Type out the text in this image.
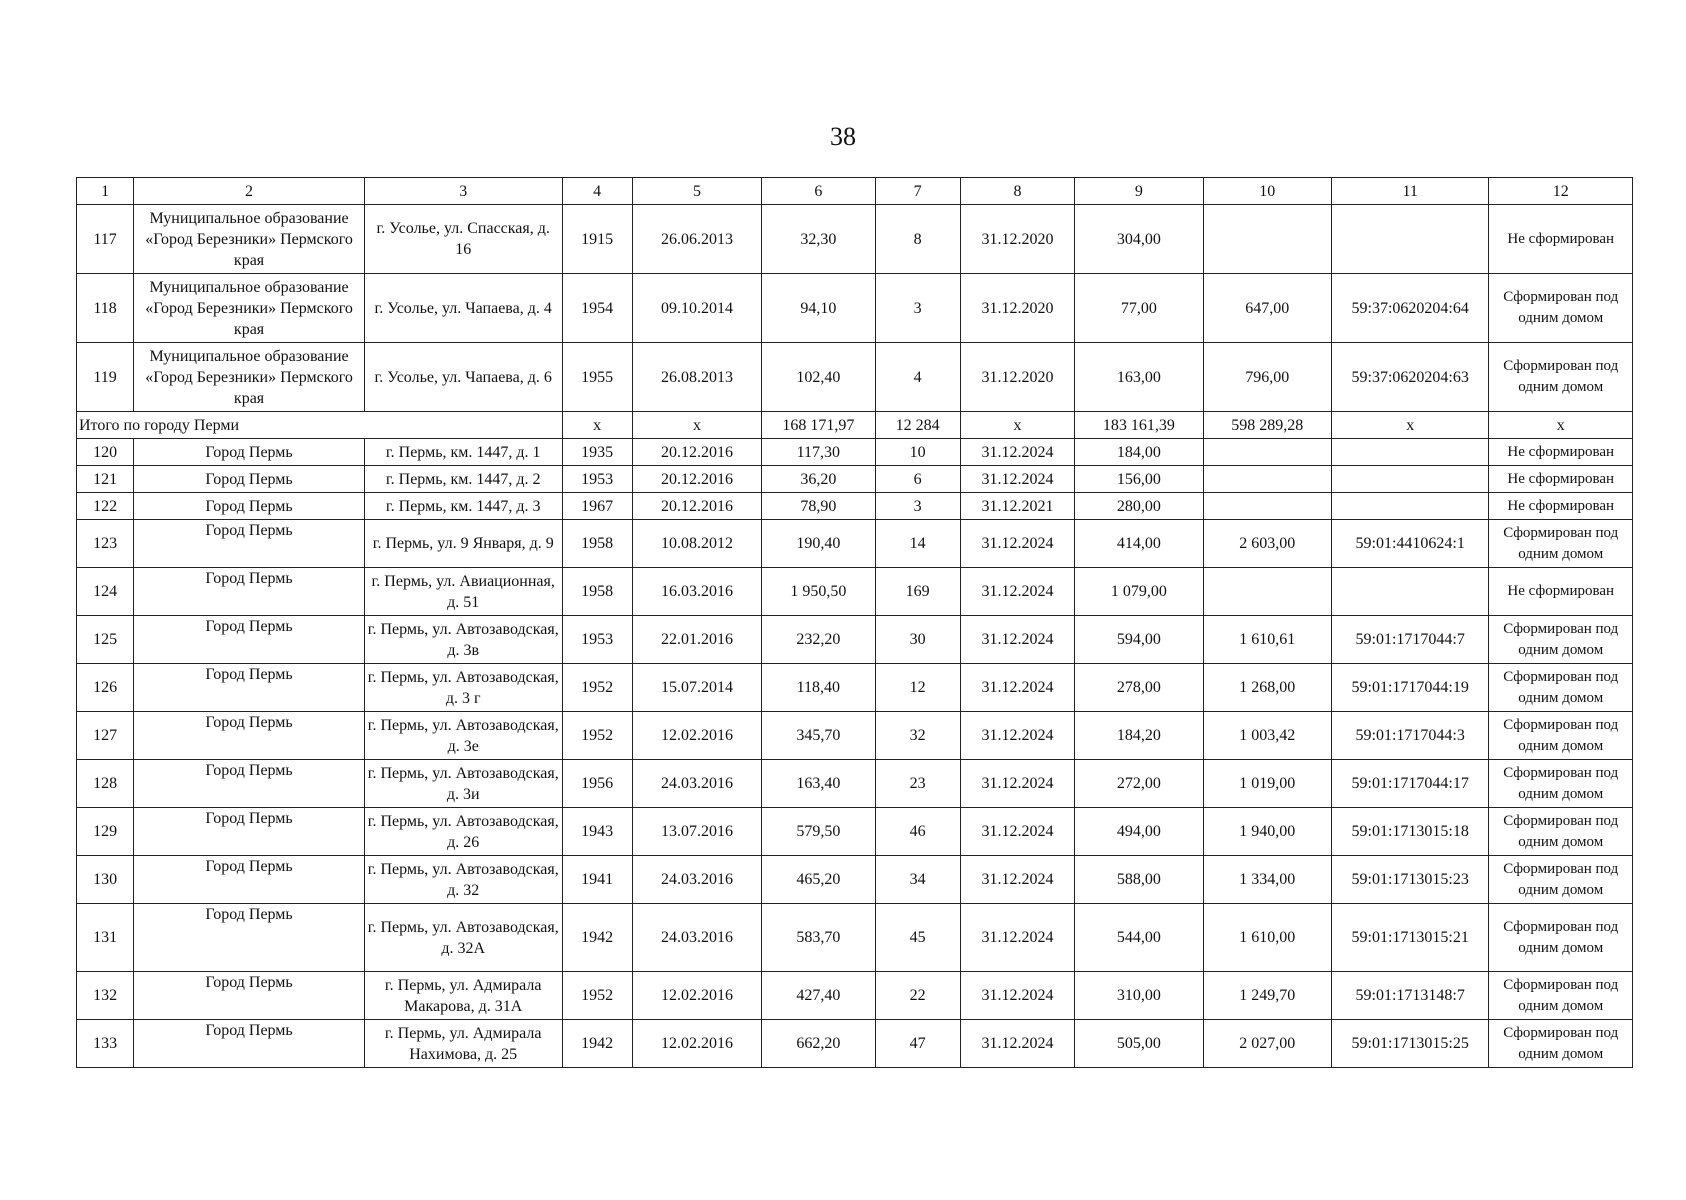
38
1	2	3	4	5	6	7	8	9	10	11	12
117	Муниципальное образование «Город Березники» Пермского края	г. Усолье, ул. Спасская, д. 16	1915	26.06.2013	32,30	8	31.12.2020	304,00			Не сформирован
118	Муниципальное образование «Город Березники» Пермского края	г. Усолье, ул. Чапаева, д. 4	1954	09.10.2014	94,10	3	31.12.2020	77,00	647,00	59:37:0620204:64	Сформирован под одним домом
119	Муниципальное образование «Город Березники» Пермского края	г. Усолье, ул. Чапаева, д. 6	1955	26.08.2013	102,40	4	31.12.2020	163,00	796,00	59:37:0620204:63	Сформирован под одним домом
Итого по городу Перми			x	x	168 171,97	12 284	x	183 161,39	598 289,28	x	x
120	Город Пермь	г. Пермь, км. 1447, д. 1	1935	20.12.2016	117,30	10	31.12.2024	184,00			Не сформирован
121	Город Пермь	г. Пермь, км. 1447, д. 2	1953	20.12.2016	36,20	6	31.12.2024	156,00			Не сформирован
122	Город Пермь	г. Пермь, км. 1447, д. 3	1967	20.12.2016	78,90	3	31.12.2021	280,00			Не сформирован
123	Город Пермь	г. Пермь, ул. 9 Января, д. 9	1958	10.08.2012	190,40	14	31.12.2024	414,00	2 603,00	59:01:4410624:1	Сформирован под одним домом
124	Город Пермь	г. Пермь, ул. Авиационная, д. 51	1958	16.03.2016	1 950,50	169	31.12.2024	1 079,00			Не сформирован
125	Город Пермь	г. Пермь, ул. Автозаводская, д. 3в	1953	22.01.2016	232,20	30	31.12.2024	594,00	1 610,61	59:01:1717044:7	Сформирован под одним домом
126	Город Пермь	г. Пермь, ул. Автозаводская, д. 3 г	1952	15.07.2014	118,40	12	31.12.2024	278,00	1 268,00	59:01:1717044:19	Сформирован под одним домом
127	Город Пермь	г. Пермь, ул. Автозаводская, д. 3е	1952	12.02.2016	345,70	32	31.12.2024	184,20	1 003,42	59:01:1717044:3	Сформирован под одним домом
128	Город Пермь	г. Пермь, ул. Автозаводская, д. 3и	1956	24.03.2016	163,40	23	31.12.2024	272,00	1 019,00	59:01:1717044:17	Сформирован под одним домом
129	Город Пермь	г. Пермь, ул. Автозаводская, д. 26	1943	13.07.2016	579,50	46	31.12.2024	494,00	1 940,00	59:01:1713015:18	Сформирован под одним домом
130	Город Пермь	г. Пермь, ул. Автозаводская, д. 32	1941	24.03.2016	465,20	34	31.12.2024	588,00	1 334,00	59:01:1713015:23	Сформирован под одним домом
131	Город Пермь	г. Пермь, ул. Автозаводская, д. 32А	1942	24.03.2016	583,70	45	31.12.2024	544,00	1 610,00	59:01:1713015:21	Сформирован под одним домом
132	Город Пермь	г. Пермь, ул. Адмирала Макарова, д. 31А	1952	12.02.2016	427,40	22	31.12.2024	310,00	1 249,70	59:01:1713148:7	Сформирован под одним домом
133	Город Пермь	г. Пермь, ул. Адмирала Нахимова, д. 25	1942	12.02.2016	662,20	47	31.12.2024	505,00	2 027,00	59:01:1713015:25	Сформирован под одним домом
